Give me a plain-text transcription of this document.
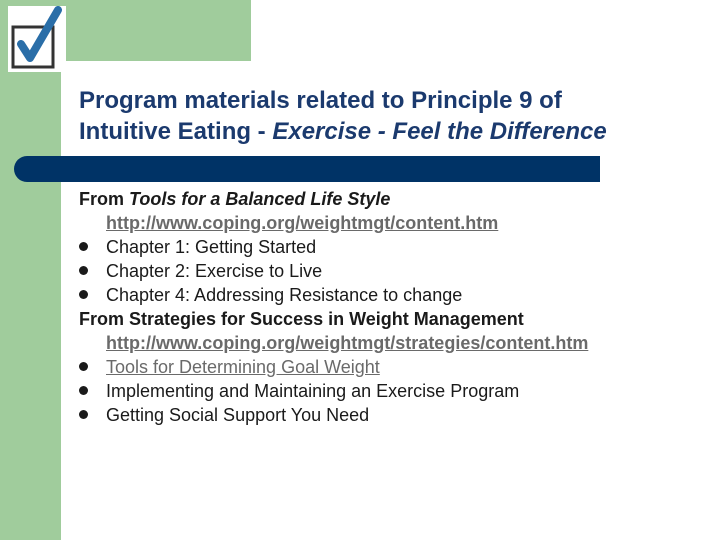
Program materials related to Principle 9 of
Intuitive Eating - Exercise - Feel the Difference
From Tools for a Balanced Life Style
http://www.coping.org/weightmgt/content.htm
Chapter 1: Getting Started
Chapter 2: Exercise to Live
Chapter 4: Addressing Resistance to change
From Strategies for Success in Weight Management
http://www.coping.org/weightmgt/strategies/content.htm
Tools for Determining Goal Weight
Implementing and Maintaining an Exercise Program
Getting Social Support You Need
